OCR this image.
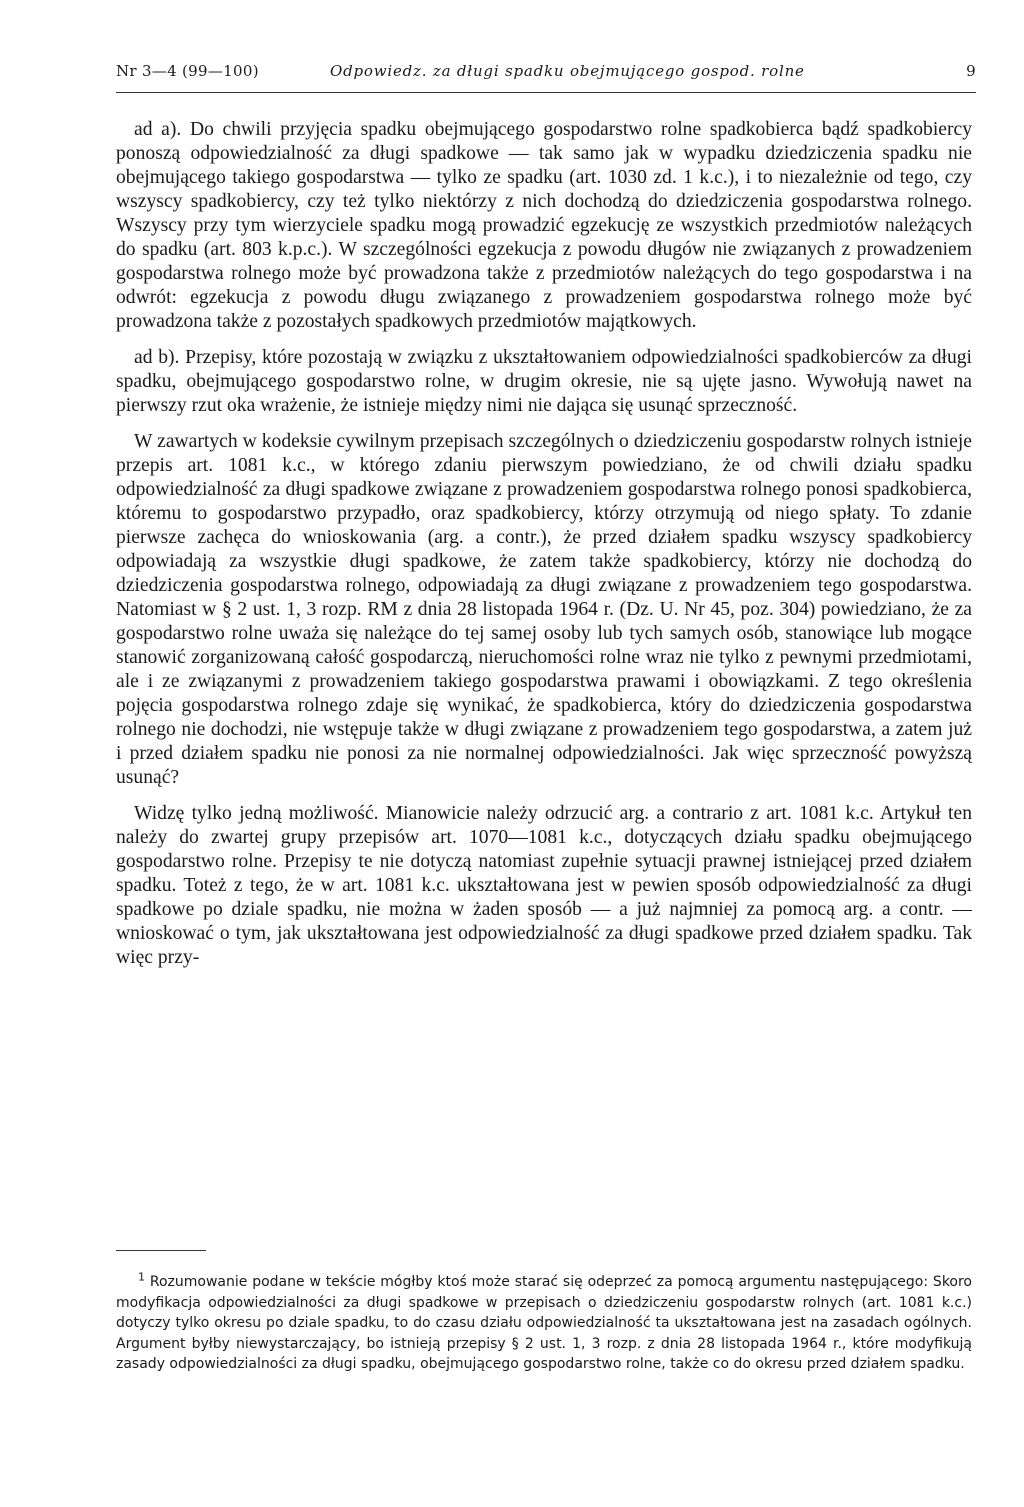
Nr 3—4 (99—100)	Odpowiedz. za długi spadku obejmującego gospod. rolne	9

ad a). Do chwili przyjęcia spadku obejmującego gospodarstwo rolne spadkobierca bądź spadkobiercy ponoszą odpowiedzialność za długi spadkowe — tak samo jak w wypadku dziedziczenia spadku nie obejmującego takiego gospodarstwa — tylko ze spadku (art. 1030 zd. 1 k.c.), i to niezależnie od tego, czy wszyscy spadkobiercy, czy też tylko niektórzy z nich dochodzą do dziedziczenia gospodarstwa rolnego. Wszyscy przy tym wierzyciele spadku mogą prowadzić egzekucję ze wszystkich przedmiotów należących do spadku (art. 803 k.p.c.). W szczególności egzekucja z powodu długów nie związanych z prowadzeniem gospodarstwa rolnego może być prowadzona także z przedmiotów należących do tego gospodarstwa i na odwrót: egzekucja z powodu długu związanego z prowadzeniem gospodarstwa rolnego może być prowadzona także z pozostałych spadkowych przedmiotów majątkowych.

ad b). Przepisy, które pozostają w związku z ukształtowaniem odpowiedzialności spadkobierców za długi spadku, obejmującego gospodarstwo rolne, w drugim okresie, nie są ujęte jasno. Wywołują nawet na pierwszy rzut oka wrażenie, że istnieje między nimi nie dająca się usunąć sprzeczność.

W zawartych w kodeksie cywilnym przepisach szczególnych o dziedziczeniu gospodarstw rolnych istnieje przepis art. 1081 k.c., w którego zdaniu pierwszym powiedziano, że od chwili działu spadku odpowiedzialność za długi spadkowe związane z prowadzeniem gospodarstwa rolnego ponosi spadkobierca, któremu to gospodarstwo przypadło, oraz spadkobiercy, którzy otrzymują od niego spłaty. To zdanie pierwsze zachęca do wnioskowania (arg. a contr.), że przed działem spadku wszyscy spadkobiercy odpowiadają za wszystkie długi spadkowe, że zatem także spadkobiercy, którzy nie dochodzą do dziedziczenia gospodarstwa rolnego, odpowiadają za długi związane z prowadzeniem tego gospodarstwa. Natomiast w § 2 ust. 1, 3 rozp. RM z dnia 28 listopada 1964 r. (Dz. U. Nr 45, poz. 304) powiedziano, że za gospodarstwo rolne uważa się należące do tej samej osoby lub tych samych osób, stanowiące lub mogące stanowić zorganizowaną całość gospodarczą, nieruchomości rolne wraz nie tylko z pewnymi przedmiotami, ale i ze związanymi z prowadzeniem takiego gospodarstwa prawami i obowiązkami. Z tego określenia pojęcia gospodarstwa rolnego zdaje się wynikać, że spadkobierca, który do dziedziczenia gospodarstwa rolnego nie dochodzi, nie wstępuje także w długi związane z prowadzeniem tego gospodarstwa, a zatem już i przed działem spadku nie ponosi za nie normalnej odpowiedzialności. Jak więc sprzeczność powyższą usunąć?

Widzę tylko jedną możliwość. Mianowicie należy odrzucić arg. a contrario z art. 1081 k.c. Artykuł ten należy do zwartej grupy przepisów art. 1070—1081 k.c., dotyczących działu spadku obejmującego gospodarstwo rolne. Przepisy te nie dotyczą natomiast zupełnie sytuacji prawnej istniejącej przed działem spadku. Toteż z tego, że w art. 1081 k.c. ukształtowana jest w pewien sposób odpowiedzialność za długi spadkowe po dziale spadku, nie można w żaden sposób — a już najmniej za pomocą arg. a contr. — wnioskować o tym, jak ukształtowana jest odpowiedzialność za długi spadkowe przed działem spadku. Tak więc przy-

$^1$ Rozumowanie podane w tekście mógłby ktoś może starać się odeprzeć za pomocą argumentu następującego: Skoro modyfikacja odpowiedzialności za długi spadkowe w przepisach o dziedziczeniu gospodarstw rolnych (art. 1081 k.c.) dotyczy tylko okresu po dziale spadku, to do czasu działu odpowiedzialność ta ukształtowana jest na zasadach ogólnych. Argument byłby niewystarczający, bo istnieją przepisy § 2 ust. 1, 3 rozp. z dnia 28 listopada 1964 r., które modyfikują zasady odpowiedzialności za długi spadku, obejmującego gospodarstwo rolne, także co do okresu przed działem spadku.
